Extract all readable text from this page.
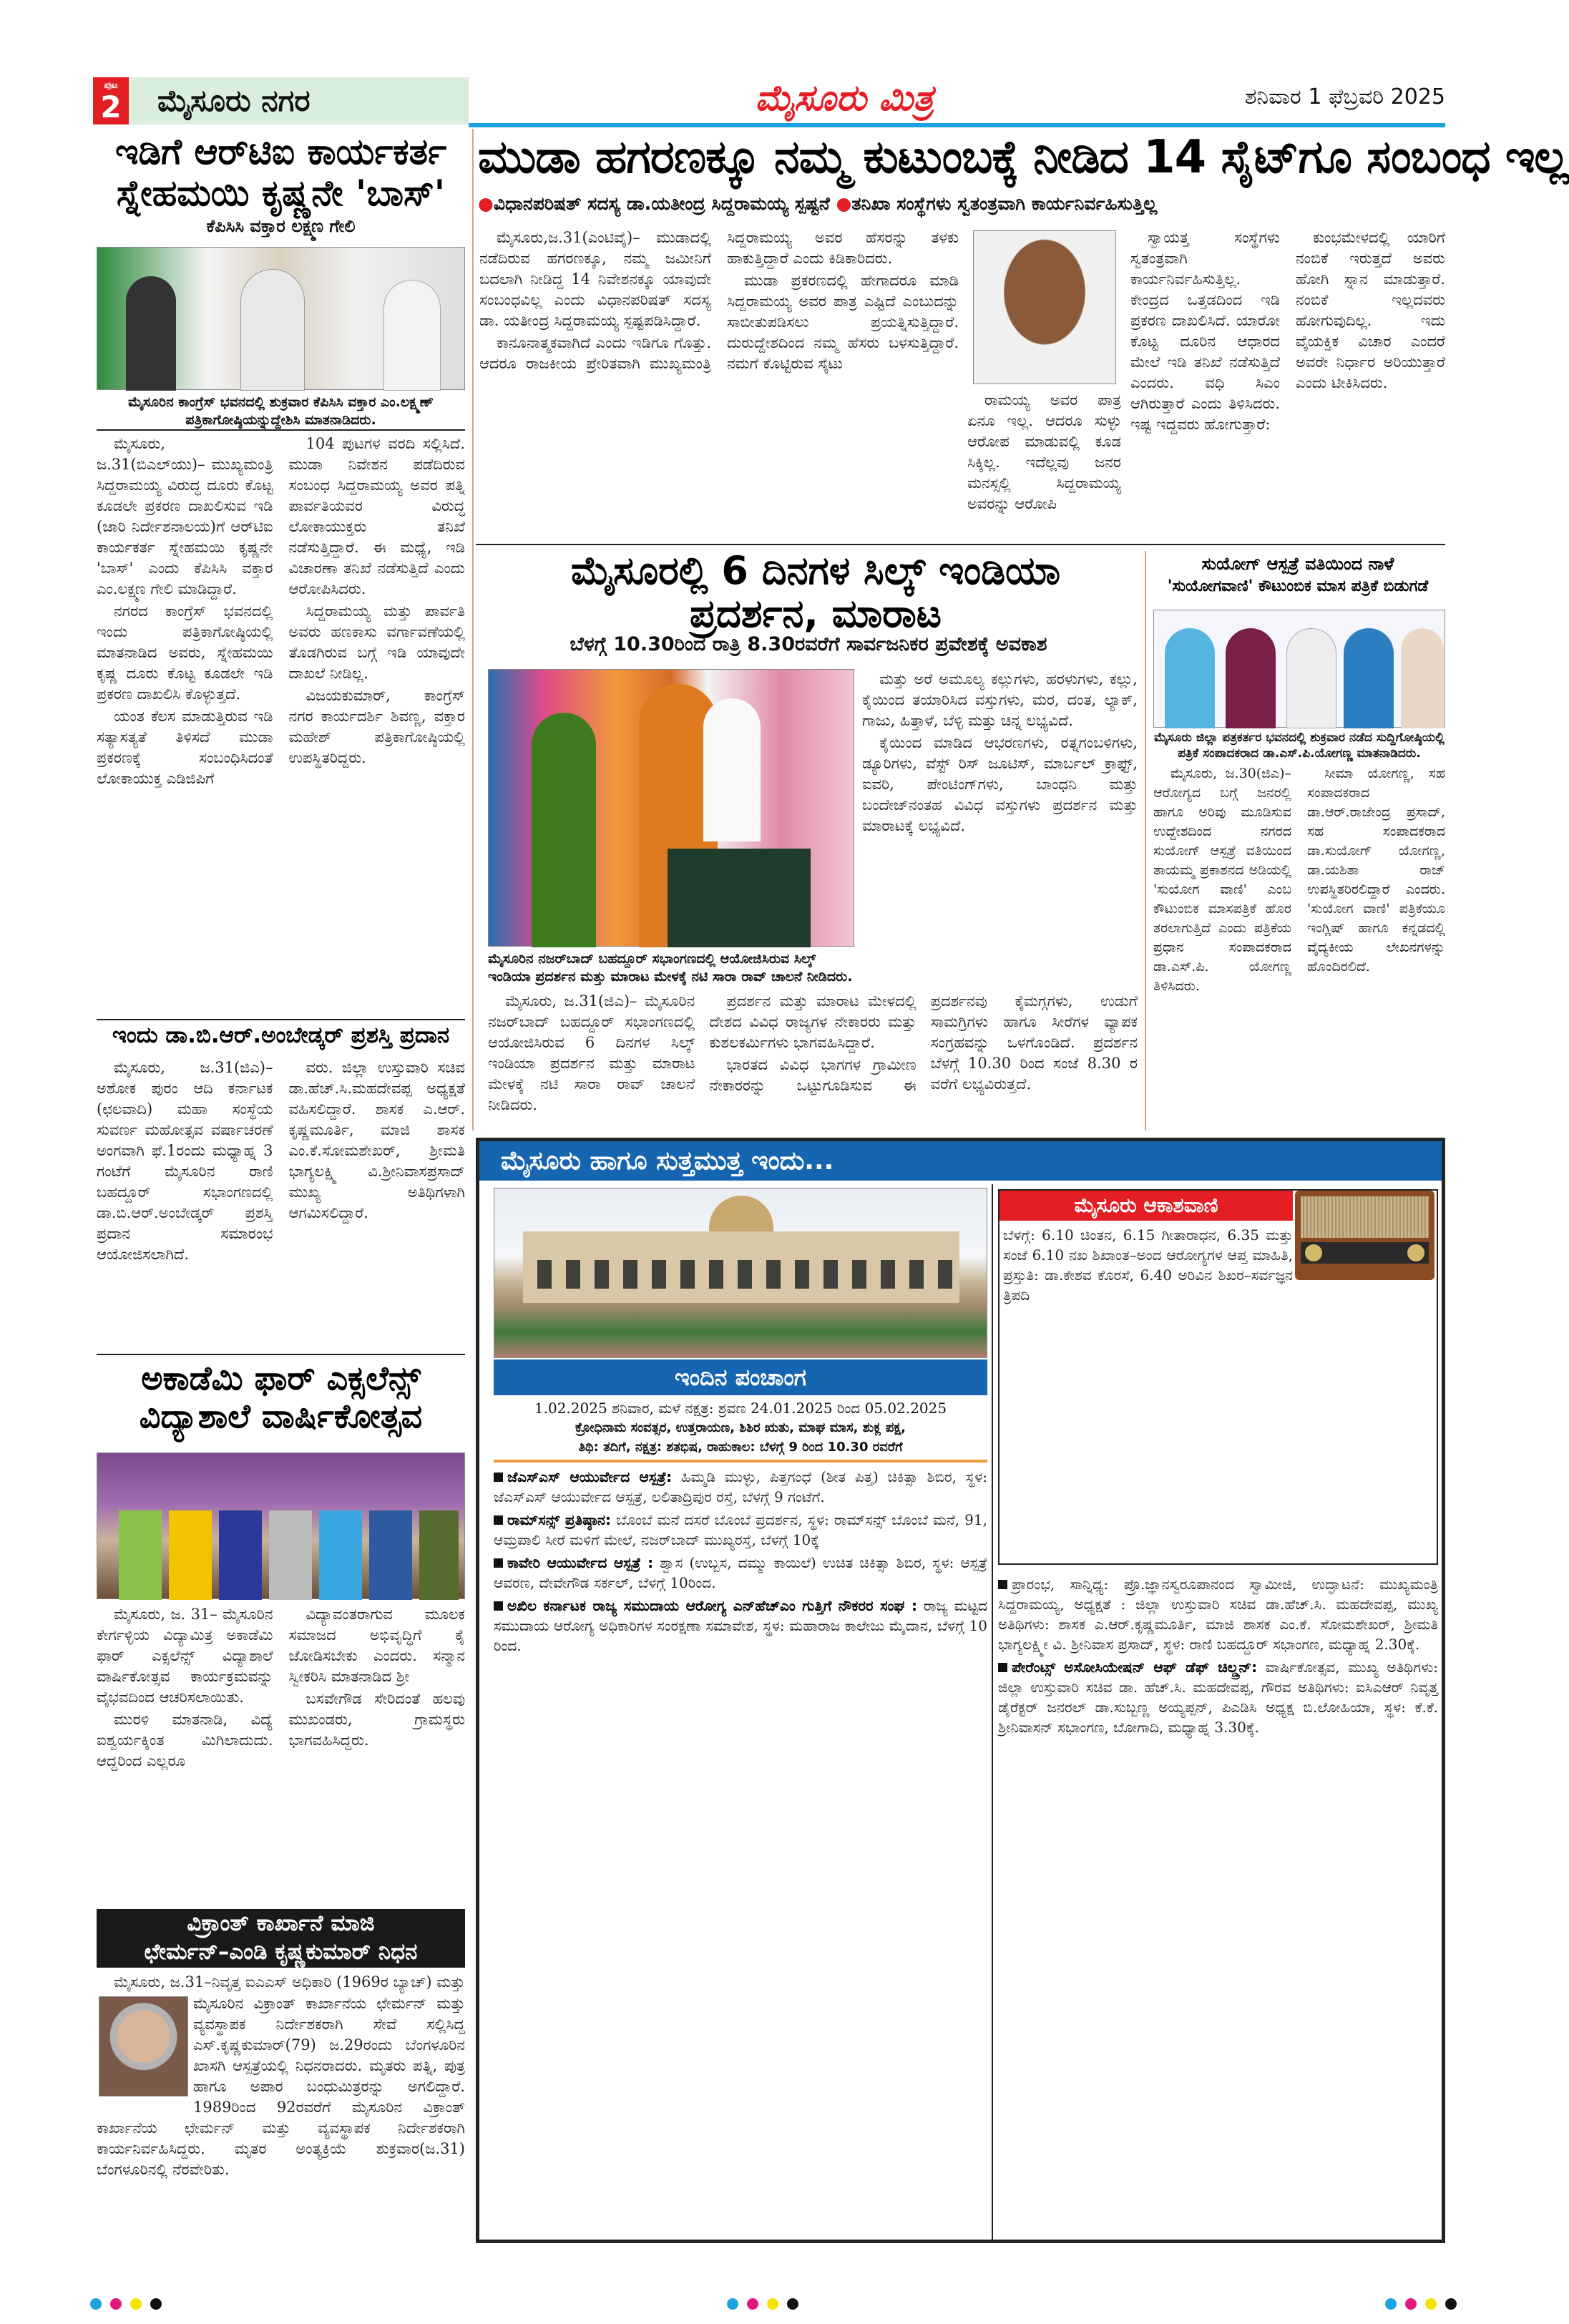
ಪುಟ
2	ಮೈಸೂರು ನಗರ	ಮೈಸೂರು ಮಿತ್ರ	ಶನಿವಾರ 1 ಫೆಬ್ರವರಿ 2025
ಇಡಿಗೆ ಆರ್‌ಟಿಐ ಕಾರ್ಯಕರ್ತ ಸ್ನೇಹಮಯಿ ಕೃಷ್ಣನೇ 'ಬಾಸ್'
ಕೆಪಿಸಿಸಿ ವಕ್ತಾರ ಲಕ್ಷ್ಮಣ ಗೇಲಿ
ಮೈಸೂರಿನ ಕಾಂಗ್ರೆಸ್ ಭವನದಲ್ಲಿ ಶುಕ್ರವಾರ ಕೆಪಿಸಿಸಿ ವಕ್ತಾರ ಎಂ.ಲಕ್ಷ್ಮಣ್ ಪತ್ರಿಕಾಗೋಷ್ಠಿಯನ್ನುದ್ದೇಶಿಸಿ ಮಾತನಾಡಿದರು.

ಮೈಸೂರು, ಜ.31(ಬಿಎಲ್‌ಯು)– ಮುಖ್ಯಮಂತ್ರಿ ಸಿದ್ದರಾಮಯ್ಯ ವಿರುದ್ಧ ದೂರು ಕೊಟ್ಟ ಕೂಡಲೇ ಪ್ರಕರಣ ದಾಖಲಿಸುವ ಇಡಿ (ಜಾರಿ ನಿರ್ದೇಶನಾಲಯ)ಗೆ ಆರ್‌ಟಿಐ ಕಾರ್ಯಕರ್ತ ಸ್ನೇಹಮಯಿ ಕೃಷ್ಣನೇ 'ಬಾಸ್' ಎಂದು ಕೆಪಿಸಿಸಿ ವಕ್ತಾರ ಎಂ.ಲಕ್ಷ್ಮಣ ಗೇಲಿ ಮಾಡಿದ್ದಾರೆ.

ನಗರದ ಕಾಂಗ್ರೆಸ್ ಭವನದಲ್ಲಿ ಇಂದು ಪತ್ರಿಕಾಗೋಷ್ಠಿಯಲ್ಲಿ ಮಾತನಾಡಿದ ಅವರು, ಸ್ನೇಹಮಯಿ ಕೃಷ್ಣ ದೂರು ಕೊಟ್ಟ ಕೂಡಲೇ ಇಡಿ ಪ್ರಕರಣ ದಾಖಲಿಸಿ ಕೊಳ್ಳುತ್ತದೆ.

ಯಂತ ಕೆಲಸ ಮಾಡುತ್ತಿರುವ ಇಡಿ ಸತ್ಯಾಸತ್ಯತೆ ತಿಳಿಸದೆ ಮುಡಾ ಪ್ರಕರಣಕ್ಕೆ ಸಂಬಂಧಿಸಿದಂತೆ ಲೋಕಾಯುಕ್ತ ಎಡಿಜಿಪಿಗೆ

104 ಪುಟಗಳ ವರದಿ ಸಲ್ಲಿಸಿದೆ. ಮುಡಾ ನಿವೇಶನ ಪಡೆದಿರುವ ಸಂಬಂಧ ಸಿದ್ದರಾಮಯ್ಯ ಅವರ ಪತ್ನಿ ಪಾರ್ವತಿಯವರ ವಿರುದ್ಧ ಲೋಕಾಯುಕ್ತರು ತನಿಖೆ ನಡೆಸುತ್ತಿದ್ದಾರೆ. ಈ ಮಧ್ಯೆ, ಇಡಿ ವಿಚಾರಣಾ ತನಿಖೆ ನಡೆಸುತ್ತಿದೆ ಎಂದು ಆರೋಪಿಸಿದರು.

ಸಿದ್ದರಾಮಯ್ಯ ಮತ್ತು ಪಾರ್ವತಿ ಅವರು ಹಣಕಾಸು ವರ್ಗಾವಣೆಯಲ್ಲಿ ತೊಡಗಿರುವ ಬಗ್ಗೆ ಇಡಿ ಯಾವುದೇ ದಾಖಲೆ ನೀಡಿಲ್ಲ.

ವಿಜಯಕುಮಾರ್, ಕಾಂಗ್ರೆಸ್ ನಗರ ಕಾರ್ಯದರ್ಶಿ ಶಿವಣ್ಣ, ವಕ್ತಾರ ಮಹೇಶ್ ಪತ್ರಿಕಾಗೋಷ್ಠಿಯಲ್ಲಿ ಉಪಸ್ಥಿತರಿದ್ದರು.

ಇಂದು ಡಾ.ಬಿ.ಆರ್.ಅಂಬೇಡ್ಕರ್ ಪ್ರಶಸ್ತಿ ಪ್ರದಾನ

ಮೈಸೂರು, ಜ.31(ಜಿಎ)– ಅಶೋಕ ಪುರಂ ಆದಿ ಕರ್ನಾಟಕ (ಛಲವಾದಿ) ಮಹಾ ಸಂಸ್ಥೆಯ ಸುವರ್ಣ ಮಹೋತ್ಸವ ವರ್ಷಾಚರಣೆ ಅಂಗವಾಗಿ ಫೆ.1ರಂದು ಮಧ್ಯಾಹ್ನ 3 ಗಂಟೆಗೆ ಮೈಸೂರಿನ ರಾಣಿ ಬಹದ್ದೂರ್ ಸಭಾಂಗಣದಲ್ಲಿ ಡಾ.ಬಿ.ಆರ್.ಅಂಬೇಡ್ಕರ್ ಪ್ರಶಸ್ತಿ ಪ್ರದಾನ ಸಮಾರಂಭ ಆಯೋಜಿಸಲಾಗಿದೆ.

ವರು. ಜಿಲ್ಲಾ ಉಸ್ತುವಾರಿ ಸಚಿವ ಡಾ.ಹೆಚ್.ಸಿ.ಮಹದೇವಪ್ಪ ಅಧ್ಯಕ್ಷತೆ ವಹಿಸಲಿದ್ದಾರೆ. ಶಾಸಕ ಎ.ಆರ್. ಕೃಷ್ಣಮೂರ್ತಿ, ಮಾಜಿ ಶಾಸಕ ಎಂ.ಕೆ.ಸೋಮಶೇಖರ್, ಶ್ರೀಮತಿ ಭಾಗ್ಯಲಕ್ಷ್ಮಿ ವಿ.ಶ್ರೀನಿವಾಸಪ್ರಸಾದ್ ಮುಖ್ಯ ಅತಿಥಿಗಳಾಗಿ ಆಗಮಿಸಲಿದ್ದಾರೆ.

ಅಕಾಡೆಮಿ ಫಾರ್ ಎಕ್ಸಲೆನ್ಸ್ ವಿದ್ಯಾಶಾಲೆ ವಾರ್ಷಿಕೋತ್ಸವ

ಮೈಸೂರು, ಜ. 31– ಮೈಸೂರಿನ ಕೇರ್ಗಳ್ಳಿಯ ವಿದ್ಯಾಮಿತ್ರ ಅಕಾಡೆಮಿ ಫಾರ್ ಎಕ್ಸಲೆನ್ಸ್ ವಿದ್ಯಾಶಾಲೆ ವಾರ್ಷಿಕೋತ್ಸವ ಕಾರ್ಯಕ್ರಮವನ್ನು ವೈಭವದಿಂದ ಆಚರಿಸಲಾಯಿತು.

ಮುರಳಿ ಮಾತನಾಡಿ, ವಿದ್ಯೆ ಐಶ್ವರ್ಯಕ್ಕಿಂತ ಮಿಗಿಲಾದುದು. ಆದ್ದರಿಂದ ಎಲ್ಲರೂ

ವಿದ್ಯಾವಂತರಾಗುವ ಮೂಲಕ ಸಮಾಜದ ಅಭಿವೃದ್ಧಿಗೆ ಕೈ ಜೋಡಿಸಬೇಕು ಎಂದರು. ಸನ್ಮಾನ ಸ್ವೀಕರಿಸಿ ಮಾತನಾಡಿದ ಶ್ರೀ

ಬಸವೇಗೌಡ ಸೇರಿದಂತೆ ಹಲವು ಮುಖಂಡರು, ಗ್ರಾಮಸ್ಥರು ಭಾಗವಹಿಸಿದ್ದರು.

ವಿಕ್ರಾಂತ್ ಕಾರ್ಖಾನೆ ಮಾಜಿ
ಛೇರ್ಮನ್–ಎಂಡಿ ಕೃಷ್ಣಕುಮಾರ್ ನಿಧನ

ಮೈಸೂರು, ಜ.31–ನಿವೃತ್ತ ಐಎಎಸ್ ಅಧಿಕಾರಿ (1969ರ ಬ್ಯಾಚ್) ಮತ್ತು

ಮೈಸೂರಿನ ವಿಕ್ರಾಂತ್ ಕಾರ್ಖಾನೆಯ ಛೇರ್ಮನ್ ಮತ್ತು ವ್ಯವಸ್ಥಾಪಕ ನಿರ್ದೇಶಕರಾಗಿ ಸೇವೆ ಸಲ್ಲಿಸಿದ್ದ ಎಸ್.ಕೃಷ್ಣಕುಮಾರ್(79) ಜ.29ರಂದು ಬೆಂಗಳೂರಿನ ಖಾಸಗಿ ಆಸ್ಪತ್ರೆಯಲ್ಲಿ ನಿಧನರಾದರು. ಮೃತರು ಪತ್ನಿ, ಪುತ್ರ ಹಾಗೂ ಅಪಾರ ಬಂಧುಮಿತ್ರರನ್ನು ಅಗಲಿದ್ದಾರೆ. 1989ರಿಂದ 92ರವರೆಗೆ ಮೈಸೂರಿನ ವಿಕ್ರಾಂತ್ ಕಾರ್ಖಾನೆಯ ಛೇರ್ಮನ್ ಮತ್ತು ವ್ಯವಸ್ಥಾಪಕ ನಿರ್ದೇಶಕರಾಗಿ ಕಾರ್ಯನಿರ್ವಹಿಸಿದ್ದರು. ಮೃತರ ಅಂತ್ಯಕ್ರಿಯೆ ಶುಕ್ರವಾರ(ಜ.31) ಬೆಂಗಳೂರಿನಲ್ಲಿ ನೆರವೇರಿತು.
ಮುಡಾ ಹಗರಣಕ್ಕೂ ನಮ್ಮ ಕುಟುಂಬಕ್ಕೆ ನೀಡಿದ 14 ಸೈಟ್‌ಗೂ ಸಂಬಂಧ ಇಲ್ಲ
●ವಿಧಾನಪರಿಷತ್ ಸದಸ್ಯ ಡಾ.ಯತೀಂದ್ರ ಸಿದ್ದರಾಮಯ್ಯ ಸ್ಪಷ್ಟನೆ ●ತನಿಖಾ ಸಂಸ್ಥೆಗಳು ಸ್ವತಂತ್ರವಾಗಿ ಕಾರ್ಯನಿರ್ವಹಿಸುತ್ತಿಲ್ಲ

ಮೈಸೂರು,ಜ.31(ಎಂಟಿವೈ)– ಮುಡಾದಲ್ಲಿ ನಡೆದಿರುವ ಹಗರಣಕ್ಕೂ, ನಮ್ಮ ಜಮೀನಿಗೆ ಬದಲಾಗಿ ನೀಡಿದ್ದ 14 ನಿವೇಶನಕ್ಕೂ ಯಾವುದೇ ಸಂಬಂಧವಿಲ್ಲ ಎಂದು ವಿಧಾನಪರಿಷತ್ ಸದಸ್ಯ ಡಾ. ಯತೀಂದ್ರ ಸಿದ್ದರಾಮಯ್ಯ ಸ್ಪಷ್ಟಪಡಿಸಿದ್ದಾರೆ.

ಕಾನೂನಾತ್ಮಕವಾಗಿದೆ ಎಂದು ಇಡಿಗೂ ಗೊತ್ತು. ಆದರೂ ರಾಜಕೀಯ ಪ್ರೇರಿತವಾಗಿ ಮುಖ್ಯಮಂತ್ರಿ ಸಿದ್ದರಾಮಯ್ಯ ಅವರ ಹೆಸರನ್ನು ತಳಕು ಹಾಕುತ್ತಿದ್ದಾರೆ ಎಂದು ಕಿಡಿಕಾರಿದರು.

ಮುಡಾ ಪ್ರಕರಣದಲ್ಲಿ ಹೇಗಾದರೂ ಮಾಡಿ ಸಿದ್ದರಾಮಯ್ಯ ಅವರ ಪಾತ್ರ ಎಷ್ಟಿದೆ ಎಂಬುದನ್ನು ಸಾಬೀತುಪಡಿಸಲು ಪ್ರಯತ್ನಿಸುತ್ತಿದ್ದಾರೆ. ದುರುದ್ದೇಶದಿಂದ ನಮ್ಮ ಹೆಸರು ಬಳಸುತ್ತಿದ್ದಾರೆ. ನಮಗೆ ಕೊಟ್ಟಿರುವ ಸೈಟು

ರಾಮಯ್ಯ ಅವರ ಪಾತ್ರ ಏನೂ ಇಲ್ಲ. ಆದರೂ ಸುಳ್ಳು ಆರೋಪ ಮಾಡುವಲ್ಲಿ ಕೂಡ ಸಿಕ್ಕಿಲ್ಲ. ಇದೆಲ್ಲವು ಜನರ ಮನಸ್ಸಲ್ಲಿ ಸಿದ್ದರಾಮಯ್ಯ ಅವರನ್ನು ಆರೋಪಿ

ಸ್ವಾಯತ್ತ ಸಂಸ್ಥೆಗಳು ಸ್ವತಂತ್ರವಾಗಿ ಕಾರ್ಯನಿರ್ವಹಿಸುತ್ತಿಲ್ಲ. ಕೇಂದ್ರದ ಒತ್ತಡದಿಂದ ಇಡಿ ಪ್ರಕರಣ ದಾಖಲಿಸಿದೆ. ಯಾರೋ ಕೊಟ್ಟ ದೂರಿನ ಆಧಾರದ ಮೇಲೆ ಇಡಿ ತನಿಖೆ ನಡೆಸುತ್ತಿದೆ ಎಂದರು. ವಧಿ ಸಿಎಂ ಆಗಿರುತ್ತಾರೆ ಎಂದು ತಿಳಿಸಿದರು. ಇಷ್ಟ ಇದ್ದವರು ಹೋಗುತ್ತಾರೆ:

ಕುಂಭಮೇಳದಲ್ಲಿ ಯಾರಿಗೆ ನಂಬಿಕೆ ಇರುತ್ತದೆ ಅವರು ಹೋಗಿ ಸ್ನಾನ ಮಾಡುತ್ತಾರೆ. ನಂಬಿಕೆ ಇಲ್ಲದವರು ಹೋಗುವುದಿಲ್ಲ. ಇದು ವೈಯಕ್ತಿಕ ವಿಚಾರ ಎಂದರೆ ಅವರೇ ನಿರ್ಧಾರ ಅರಿಯುತ್ತಾರೆ ಎಂದು ಟೀಕಿಸಿದರು.

ಮೈಸೂರಲ್ಲಿ 6 ದಿನಗಳ ಸಿಲ್ಕ್ ಇಂಡಿಯಾ ಪ್ರದರ್ಶನ, ಮಾರಾಟ
ಬೆಳಗ್ಗೆ 10.30ರಿಂದ ರಾತ್ರಿ 8.30ರವರೆಗೆ ಸಾರ್ವಜನಿಕರ ಪ್ರವೇಶಕ್ಕೆ ಅವಕಾಶ

ಮತ್ತು ಅರೆ ಅಮೂಲ್ಯ ಕಲ್ಲುಗಳು, ಹರಳುಗಳು, ಕಲ್ಲು, ಕೈಯಿಂದ ತಯಾರಿಸಿದ ವಸ್ತುಗಳು, ಮರ, ದಂತ, ಲ್ಯಾಕ್, ಗಾಜು, ಹಿತ್ತಾಳೆ, ಬೆಳ್ಳಿ ಮತ್ತು ಚಿನ್ನ ಲಭ್ಯವಿದೆ.

ಕೈಯಿಂದ ಮಾಡಿದ ಆಭರಣಗಳು, ರತ್ನಗಂಬಳಿಗಳು, ಡ್ಯೂರಿಗಳು, ವೆಸ್ಟ್ ರಿಸ್ ಜೂಟಿಸ್, ಮಾರ್ಬಲ್ ಕ್ರಾಫ್ಟ್, ಐವರಿ, ಪೇಂಟಿಂಗ್‌ಗಳು, ಬಾಂಧನಿ ಮತ್ತು ಬಂದೇಜ್‌ನಂತಹ ವಿವಿಧ ವಸ್ತುಗಳು ಪ್ರದರ್ಶನ ಮತ್ತು ಮಾರಾಟಕ್ಕೆ ಲಭ್ಯವಿದೆ.

ಮೈಸೂರಿನ ನಜರ್‌ಬಾದ್ ಬಹದ್ದೂರ್ ಸಭಾಂಗಣದಲ್ಲಿ ಆಯೋಜಿಸಿರುವ ಸಿಲ್ಕ್ ಇಂಡಿಯಾ ಪ್ರದರ್ಶನ ಮತ್ತು ಮಾರಾಟ ಮೇಳಕ್ಕೆ ನಟಿ ಸಾರಾ ರಾವ್ ಚಾಲನೆ ನೀಡಿದರು.

ಮೈಸೂರು, ಜ.31(ಜಿಎ)– ಮೈಸೂರಿನ ನಜರ್‌ಬಾದ್ ಬಹದ್ದೂರ್ ಸಭಾಂಗಣದಲ್ಲಿ ಆಯೋಜಿಸಿರುವ 6 ದಿನಗಳ ಸಿಲ್ಕ್ ಇಂಡಿಯಾ ಪ್ರದರ್ಶನ ಮತ್ತು ಮಾರಾಟ ಮೇಳಕ್ಕೆ ನಟಿ ಸಾರಾ ರಾವ್ ಚಾಲನೆ ನೀಡಿದರು.

ಪ್ರದರ್ಶನ ಮತ್ತು ಮಾರಾಟ ಮೇಳದಲ್ಲಿ ದೇಶದ ವಿವಿಧ ರಾಜ್ಯಗಳ ನೇಕಾರರು ಮತ್ತು ಕುಶಲಕರ್ಮಿಗಳು ಭಾಗವಹಿಸಿದ್ದಾರೆ.

ಭಾರತದ ವಿವಿಧ ಭಾಗಗಳ ಗ್ರಾಮೀಣ ನೇಕಾರರನ್ನು ಒಟ್ಟುಗೂಡಿಸುವ ಈ ಪ್ರದರ್ಶನವು ಕೈಮಗ್ಗಗಳು, ಉಡುಗೆ ಸಾಮಗ್ರಿಗಳು ಹಾಗೂ ಸೀರೆಗಳ ವ್ಯಾಪಕ ಸಂಗ್ರಹವನ್ನು ಒಳಗೊಂಡಿದೆ. ಪ್ರದರ್ಶನ ಬೆಳಗ್ಗೆ 10.30 ರಿಂದ ಸಂಜೆ 8.30 ರ ವರೆಗೆ ಲಭ್ಯವಿರುತ್ತದೆ.

ಸುಯೋಗ್ ಆಸ್ಪತ್ರೆ ವತಿಯಿಂದ ನಾಳೆ
'ಸುಯೋಗವಾಣಿ' ಕೌಟುಂಬಿಕ ಮಾಸ ಪತ್ರಿಕೆ ಬಿಡುಗಡೆ
ಮೈಸೂರು ಜಿಲ್ಲಾ ಪತ್ರಕರ್ತರ ಭವನದಲ್ಲಿ ಶುಕ್ರವಾರ ನಡೆದ ಸುದ್ದಿಗೋಷ್ಠಿಯಲ್ಲಿ ಪತ್ರಿಕೆ ಸಂಪಾದಕರಾದ ಡಾ.ಎಸ್.ಪಿ.ಯೋಗಣ್ಣ ಮಾತನಾಡಿದರು.

ಮೈಸೂರು, ಜ.30(ಜಿಎ)– ಆರೋಗ್ಯದ ಬಗ್ಗೆ ಜನರಲ್ಲಿ ಹಾಗೂ ಅರಿವು ಮೂಡಿಸುವ ಉದ್ದೇಶದಿಂದ ನಗರದ ಸುಯೋಗ್ ಆಸ್ಪತ್ರೆ ವತಿಯಿಂದ ತಾಯಮ್ಮ ಪ್ರಕಾಶನದ ಅಡಿಯಲ್ಲಿ 'ಸುಯೋಗ ವಾಣಿ' ಎಂಬ ಕೌಟುಂಬಿಕ ಮಾಸಪತ್ರಿಕೆ ಹೊರ ತರಲಾಗುತ್ತಿದೆ ಎಂದು ಪತ್ರಿಕೆಯ ಪ್ರಧಾನ ಸಂಪಾದಕರಾದ ಡಾ.ಎಸ್.ಪಿ. ಯೋಗಣ್ಣ ತಿಳಿಸಿದರು.

ಸೀಮಾ ಯೋಗಣ್ಣ, ಸಹ ಸಂಪಾದಕರಾದ ಡಾ.ಆರ್.ರಾಜೇಂದ್ರ ಪ್ರಸಾದ್, ಸಹ ಸಂಪಾದಕರಾದ ಡಾ.ಸುಯೋಗ್ ಯೋಗಣ್ಣ, ಡಾ.ಯಶಿತಾ ರಾಜ್ ಉಪಸ್ಥಿತರಿರಲಿದ್ದಾರೆ ಎಂದರು. 'ಸುಯೋಗ ವಾಣಿ' ಪತ್ರಿಕೆಯೂ ಇಂಗ್ಲಿಷ್ ಹಾಗೂ ಕನ್ನಡದಲ್ಲಿ ವೈದ್ಯಕೀಯ ಲೇಖನಗಳನ್ನು ಹೊಂದಿರಲಿದೆ.

ಮೈಸೂರು ಹಾಗೂ ಸುತ್ತಮುತ್ತ ಇಂದು...
ಇಂದಿನ ಪಂಚಾಂಗ
1.02.2025 ಶನಿವಾರ, ಮಳೆ ನಕ್ಷತ್ರ: ಶ್ರವಣ 24.01.2025 ರಿಂದ 05.02.2025
ಕ್ರೋಧಿನಾಮ ಸಂವತ್ಸರ, ಉತ್ತರಾಯಣ, ಶಿಶಿರ ಋತು, ಮಾಘ ಮಾಸ, ಶುಕ್ಲ ಪಕ್ಷ,
ತಿಥಿ: ತದಿಗೆ, ನಕ್ಷತ್ರ: ಶತಭಿಷ, ರಾಹುಕಾಲ: ಬೆಳಗ್ಗೆ 9 ರಿಂದ 10.30 ರವರೆಗೆ
ಜೆಎಸ್‌ಎಸ್ ಆಯುರ್ವೇದ ಆಸ್ಪತ್ರೆ: ಹಿಮ್ಮಡಿ ಮುಳ್ಳು, ಪಿತ್ತಗಂಧೆ (ಶೀತ ಪಿತ್ತ) ಚಿಕಿತ್ಸಾ ಶಿಬಿರ, ಸ್ಥಳ: ಜೆಎಸ್‌ಎಸ್ ಆಯುರ್ವೇದ ಆಸ್ಪತ್ರೆ, ಲಲಿತಾದ್ರಿಪುರ ರಸ್ತೆ, ಬೆಳಗ್ಗೆ 9 ಗಂಟೆಗೆ.
ರಾಮ್‌ಸನ್ಸ್ ಪ್ರತಿಷ್ಠಾನ: ಬೊಂಬೆ ಮನೆ ದಸರೆ ಬೊಂಬೆ ಪ್ರದರ್ಶನ, ಸ್ಥಳ: ರಾಮ್‌ಸನ್ಸ್ ಬೊಂಬೆ ಮನೆ, 91, ಆಮ್ರಪಾಲಿ ಸೀರೆ ಮಳಿಗೆ ಮೇಲೆ, ನಜರ್‌ಬಾದ್ ಮುಖ್ಯರಸ್ತೆ, ಬೆಳಗ್ಗೆ 10ಕ್ಕೆ
ಕಾವೇರಿ ಆಯುರ್ವೇದ ಆಸ್ಪತ್ರೆ : ಶ್ವಾಸ (ಉಬ್ಬಸ, ದಮ್ಮು ಕಾಯಿಲೆ) ಉಚಿತ ಚಿಕಿತ್ಸಾ ಶಿಬಿರ, ಸ್ಥಳ: ಆಸ್ಪತ್ರೆ ಆವರಣ, ದೇವೇಗೌಡ ಸರ್ಕಲ್, ಬೆಳಗ್ಗೆ 10ರಿಂದ.
ಅಖಿಲ ಕರ್ನಾಟಕ ರಾಜ್ಯ ಸಮುದಾಯ ಆರೋಗ್ಯ ಎನ್‌ಹೆಚ್‌ಎಂ ಗುತ್ತಿಗೆ ನೌಕರರ ಸಂಘ : ರಾಜ್ಯ ಮಟ್ಟದ ಸಮುದಾಯ ಆರೋಗ್ಯ ಅಧಿಕಾರಿಗಳ ಸಂರಕ್ಷಣಾ ಸಮಾವೇಶ, ಸ್ಥಳ: ಮಹಾರಾಜ ಕಾಲೇಜು ಮೈದಾನ, ಬೆಳಗ್ಗೆ 10 ರಿಂದ.
ಮೈಸೂರು ಆಕಾಶವಾಣಿ
ಬೆಳಗ್ಗೆ: 6.10 ಚಿಂತನ, 6.15 ಗೀತಾರಾಧನ, 6.35 ಮತ್ತು ಸಂಜೆ 6.10 ನಖ ಶಿಖಾಂತ–ಅಂದ ಆರೋಗ್ಯಗಳ ಆಪ್ತ ಮಾಹಿತಿ, ಪ್ರಸ್ತುತಿ: ಡಾ.ಕೇಶವ ಕೊರಸೆ, 6.40 ಅರಿವಿನ ಶಿಖರ–ಸರ್ವಜ್ಞನ ತ್ರಿಪದಿ
ಪ್ರಾರಂಭ, ಸಾನ್ನಿಧ್ಯ: ಪ್ರೊ.ಜ್ಞಾನಸ್ವರೂಪಾನಂದ ಸ್ವಾಮೀಜಿ, ಉದ್ಘಾಟನೆ: ಮುಖ್ಯಮಂತ್ರಿ ಸಿದ್ದರಾಮಯ್ಯ, ಅಧ್ಯಕ್ಷತೆ : ಜಿಲ್ಲಾ ಉಸ್ತುವಾರಿ ಸಚಿವ ಡಾ.ಹೆಚ್.ಸಿ. ಮಹದೇವಪ್ಪ, ಮುಖ್ಯ ಅತಿಥಿಗಳು: ಶಾಸಕ ಎ.ಆರ್.ಕೃಷ್ಣಮೂರ್ತಿ, ಮಾಜಿ ಶಾಸಕ ಎಂ.ಕೆ. ಸೋಮಶೇಖರ್, ಶ್ರೀಮತಿ ಭಾಗ್ಯಲಕ್ಷ್ಮೀ ವಿ. ಶ್ರೀನಿವಾಸ ಪ್ರಸಾದ್, ಸ್ಥಳ: ರಾಣಿ ಬಹದ್ದೂರ್ ಸಭಾಂಗಣ, ಮಧ್ಯಾಹ್ನ 2.30ಕ್ಕೆ.
ಪೇರೆಂಟ್ಸ್ ಅಸೋಸಿಯೇಷನ್ ಆಫ್ ಡೆಫ್ ಚಿಲ್ಡ್ರನ್: ವಾರ್ಷಿಕೋತ್ಸವ, ಮುಖ್ಯ ಅತಿಥಿಗಳು: ಜಿಲ್ಲಾ ಉಸ್ತುವಾರಿ ಸಚಿವ ಡಾ. ಹೆಚ್.ಸಿ. ಮಹದೇವಪ್ಪ, ಗೌರವ ಅತಿಥಿಗಳು: ಐಸಿಎಆರ್ ನಿವೃತ್ತ ಡೈರೆಕ್ಟರ್ ಜನರಲ್ ಡಾ.ಸುಬ್ಬಣ್ಣ ಅಯ್ಯಪ್ಪನ್, ಪಿಎಡಿಸಿ ಅಧ್ಯಕ್ಷ ಬಿ.ಲೋಹಿಯಾ, ಸ್ಥಳ: ಕೆ.ಕೆ. ಶ್ರೀನಿವಾಸನ್ ಸಭಾಂಗಣ, ಬೋಗಾದಿ, ಮಧ್ಯಾಹ್ನ 3.30ಕ್ಕೆ.
